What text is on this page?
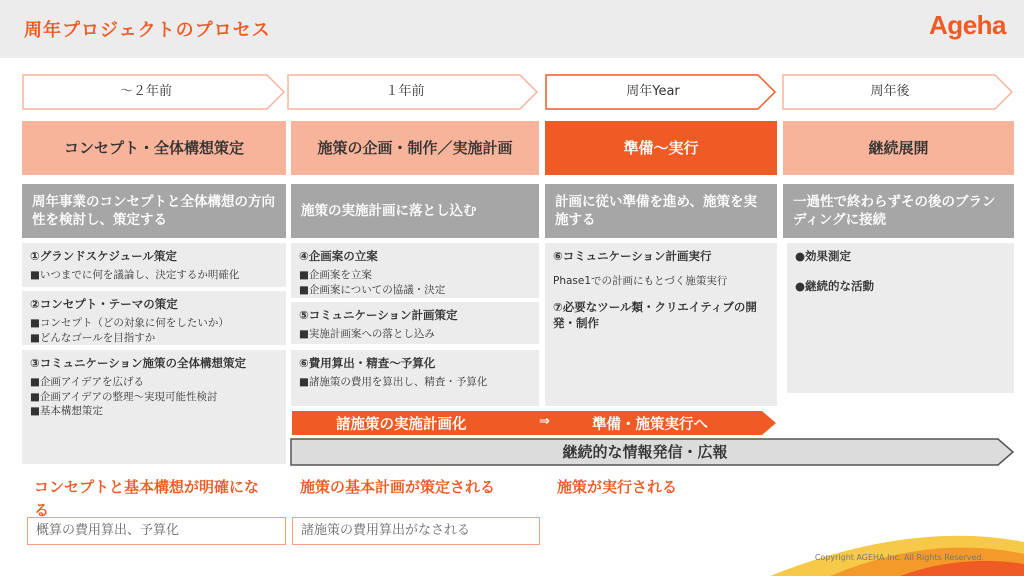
周年プロジェクトのプロセス	Ageha
〜２年前	１年前	周年Year	周年後
コンセプト・全体構想策定	施策の企画・制作／実施計画	準備〜実行	継続展開
周年事業のコンセプトと全体構想の方向性を検討し、策定する
施策の実施計画に落とし込む
計画に従い準備を進め、施策を実施する
一過性で終わらずその後のブランディングに接続
①グランドスケジュール策定
■いつまでに何を議論し、決定するか明確化
②コンセプト・テーマの策定
■コンセプト（どの対象に何をしたいか）
■どんなゴールを目指すか
③コミュニケーション施策の全体構想策定
■企画アイデアを広げる
■企画アイデアの整理〜実現可能性検討
■基本構想策定
④企画案の立案
■企画案を立案
■企画案についての協議・決定
⑤コミュニケーション計画策定
■実施計画案への落とし込み
⑥費用算出・精査〜予算化
■諸施策の費用を算出し、精査・予算化
⑥コミュニケーション計画実行
Phase1での計画にもとづく施策実行
⑦必要なツール類・クリエイティブの開発・制作
●効果測定
●継続的な活動
諸施策の実施計画化	⇒	準備・施策実行へ
継続的な情報発信・広報
コンセプトと基本構想が明確になる
概算の費用算出、予算化
施策の基本計画が策定される
諸施策の費用算出がなされる
施策が実行される
Copyright AGEHA Inc. All Rights Reserved.
